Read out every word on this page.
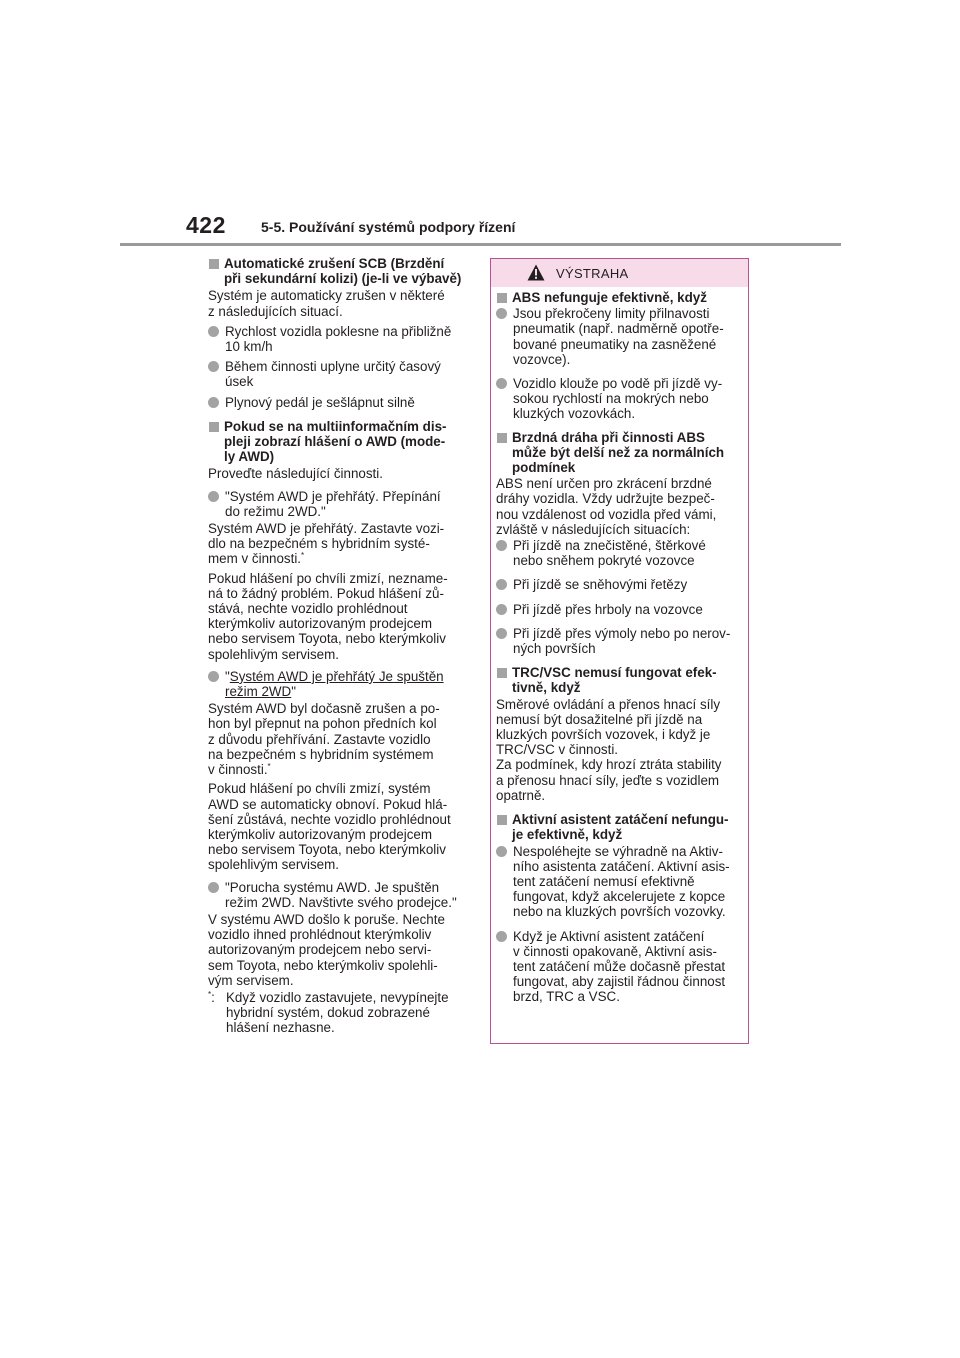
422	5-5. Používání systémů podpory řízení
Automatické zrušení SCB (Brzdění
při sekundární kolizi) (je-li ve výbavě)
Systém je automaticky zrušen v některé
z následujících situací.
Rychlost vozidla poklesne na přibližně
10 km/h
Během činnosti uplyne určitý časový
úsek
Plynový pedál je sešlápnut silně
Pokud se na multiinformačním dis-
pleji zobrazí hlášení o AWD (mode-
ly AWD)
Proveďte následující činnosti.
"Systém AWD je přehřátý. Přepínání
do režimu 2WD."
Systém AWD je přehřátý. Zastavte vozi-
dlo na bezpečném s hybridním systé-
mem v činnosti.*
Pokud hlášení po chvíli zmizí, nezname-
ná to žádný problém. Pokud hlášení zů-
stává, nechte vozidlo prohlédnout
kterýmkoliv autorizovaným prodejcem
nebo servisem Toyota, nebo kterýmkoliv
spolehlivým servisem.
"Systém AWD je přehřátý Je spuštěn
režim 2WD"
Systém AWD byl dočasně zrušen a po-
hon byl přepnut na pohon předních kol
z důvodu přehřívání. Zastavte vozidlo
na bezpečném s hybridním systémem
v činnosti.*
Pokud hlášení po chvíli zmizí, systém
AWD se automaticky obnoví. Pokud hlá-
šení zůstává, nechte vozidlo prohlédnout
kterýmkoliv autorizovaným prodejcem
nebo servisem Toyota, nebo kterýmkoliv
spolehlivým servisem.
"Porucha systému AWD. Je spuštěn
režim 2WD. Navštivte svého prodejce."
V systému AWD došlo k poruše. Nechte
vozidlo ihned prohlédnout kterýmkoliv
autorizovaným prodejcem nebo servi-
sem Toyota, nebo kterýmkoliv spolehli-
vým servisem.
*: Když vozidlo zastavujete, nevypínejte
hybridní systém, dokud zobrazené
hlášení nezhasne.
VÝSTRAHA
ABS nefunguje efektivně, když
Jsou překročeny limity přilnavosti
pneumatik (např. nadměrně opotře-
bované pneumatiky na zasněžené
vozovce).
Vozidlo klouže po vodě při jízdě vy-
sokou rychlostí na mokrých nebo
kluzkých vozovkách.
Brzdná dráha při činnosti ABS
může být delší než za normálních
podmínek
ABS není určen pro zkrácení brzdné
dráhy vozidla. Vždy udržujte bezpeč-
nou vzdálenost od vozidla před vámi,
zvláště v následujících situacích:
Při jízdě na znečistěné, štěrkové
nebo sněhem pokryté vozovce
Při jízdě se sněhovými řetězy
Při jízdě přes hrboly na vozovce
Při jízdě přes výmoly nebo po nerov-
ných površích
TRC/VSC nemusí fungovat efek-
tivně, když
Směrové ovládání a přenos hnací síly
nemusí být dosažitelné při jízdě na
kluzkých površích vozovek, i když je
TRC/VSC v činnosti.
Za podmínek, kdy hrozí ztráta stability
a přenosu hnací síly, jeďte s vozidlem
opatrně.
Aktivní asistent zatáčení nefungu-
je efektivně, když
Nespoléhejte se výhradně na Aktiv-
ního asistenta zatáčení. Aktivní asis-
tent zatáčení nemusí efektivně
fungovat, když akcelerujete z kopce
nebo na kluzkých površích vozovky.
Když je Aktivní asistent zatáčení
v činnosti opakovaně, Aktivní asis-
tent zatáčení může dočasně přestat
fungovat, aby zajistil řádnou činnost
brzd, TRC a VSC.
